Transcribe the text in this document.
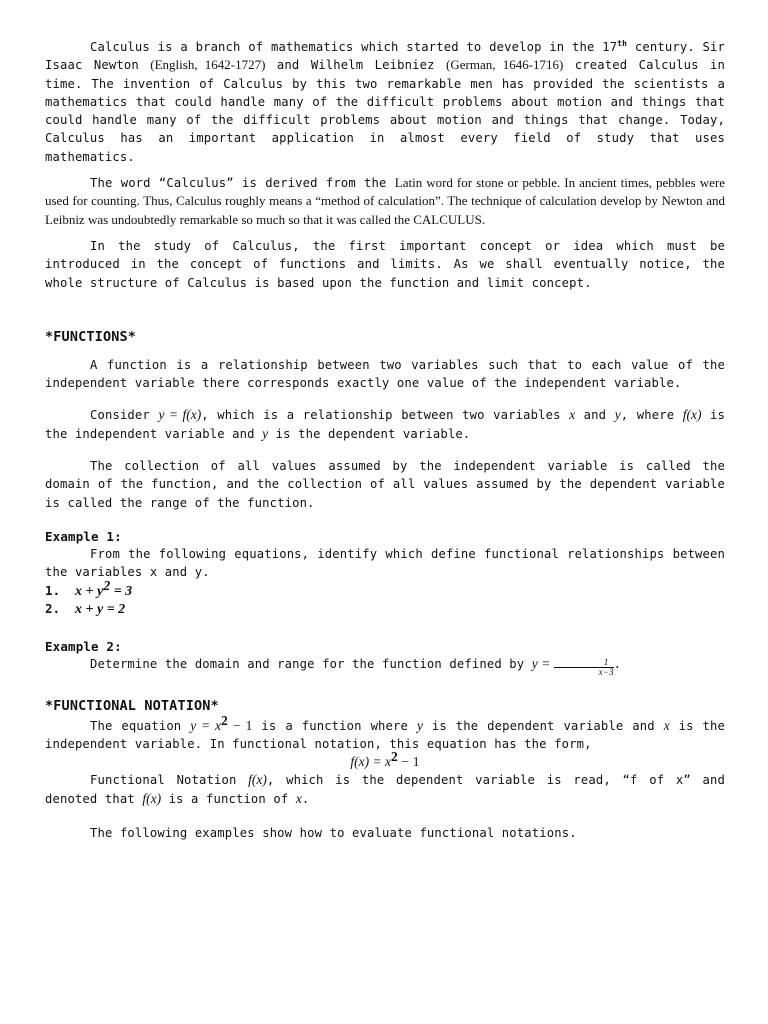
Calculus is a branch of mathematics which started to develop in the 17th century. Sir Isaac Newton (English, 1642-1727) and Wilhelm Leibniez (German, 1646-1716) created Calculus in time. The invention of Calculus by this two remarkable men has provided the scientists a mathematics that could handle many of the difficult problems about motion and things that could handle many of the difficult problems about motion and things that change. Today, Calculus has an important application in almost every field of study that uses mathematics.

The word “Calculus” is derived from the Latin word for stone or pebble. In ancient times, pebbles were used for counting. Thus, Calculus roughly means a “method of calculation”. The technique of calculation develop by Newton and Leibniz was undoubtedly remarkable so much so that it was called the CALCULUS.

In the study of Calculus, the first important concept or idea which must be introduced in the concept of functions and limits. As we shall eventually notice, the whole structure of Calculus is based upon the function and limit concept.

*FUNCTIONS*

A function is a relationship between two variables such that to each value of the independent variable there corresponds exactly one value of the independent variable.

Consider y = f(x), which is a relationship between two variables x and y, where f(x) is the independent variable and y is the dependent variable.

The collection of all values assumed by the independent variable is called the domain of the function, and the collection of all values assumed by the dependent variable is called the range of the function.

Example 1:

From the following equations, identify which define functional relationships between the variables x and y.

1. $x + y^2 = 3$

2. x + y = 2

Example 2:

Determine the domain and range for the function defined by $y = \frac{1}{x-3}$ .

*FUNCTIONAL NOTATION*

The equation $y = x^2 - 1$ is a function where y is the dependent variable and x is the independent variable. In functional notation, this equation has the form,

$f(x) = x^2 - 1$

Functional Notation f(x), which is the dependent variable is read, “f of x” and denoted that f(x) is a function of x.

The following examples show how to evaluate functional notations.
